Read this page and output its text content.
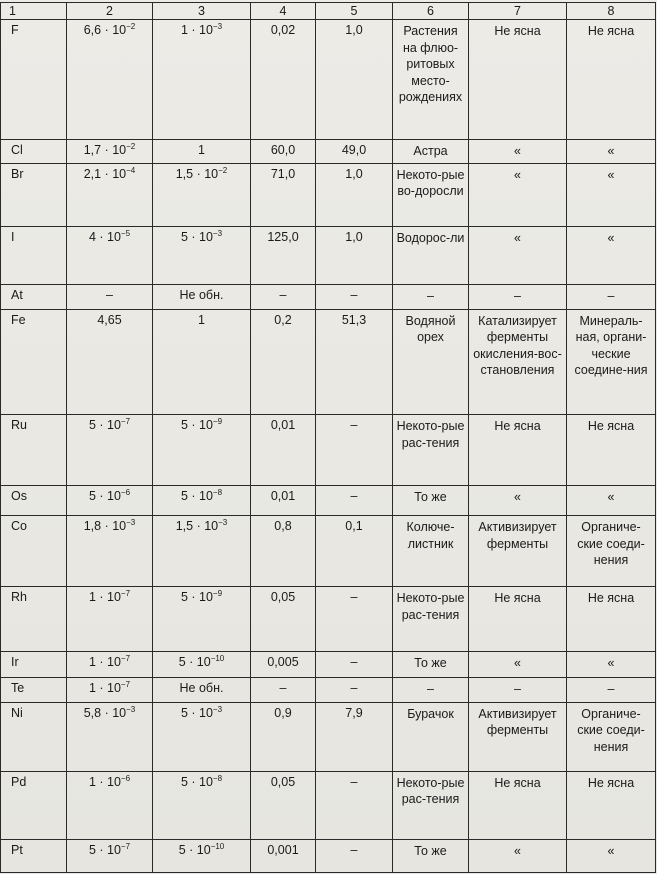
1	2	3	4	5	6	7	8
F	$6,6 \cdot 10^{-2}$	$1 \cdot 10^{-3}$	0,02	1,0	Растения на флюо-ритовых место-рождениях	Не ясна	Не ясна
Cl	$1,7 \cdot 10^{-2}$	1	60,0	49,0	Астра	«	«
Br	$2,1 \cdot 10^{-4}$	$1,5 \cdot 10^{-2}$	71,0	1,0	Некото-рые во-доросли	«	«
I	$4 \cdot 10^{-5}$	$5 \cdot 10^{-3}$	125,0	1,0	Водорос-ли	«	«
At	–	Не обн.	–	–	–	–	–
Fe	4,65	1	0,2	51,3	Водяной орех	Катализирует ферменты окисления-вос-становления	Минераль-ная, органи-ческие соедине-ния
Ru	$5 \cdot 10^{-7}$	$5 \cdot 10^{-9}$	0,01	–	Некото-рые рас-тения	Не ясна	Не ясна
Os	$5 \cdot 10^{-6}$	$5 \cdot 10^{-8}$	0,01	–	То же	«	«
Co	$1,8 \cdot 10^{-3}$	$1,5 \cdot 10^{-3}$	0,8	0,1	Колюче-листник	Активизирует ферменты	Органиче-ские соеди-нения
Rh	$1 \cdot 10^{-7}$	$5 \cdot 10^{-9}$	0,05	–	Некото-рые рас-тения	Не ясна	Не ясна
Ir	$1 \cdot 10^{-7}$	$5 \cdot 10^{-10}$	0,005	–	То же	«	«
Te	$1 \cdot 10^{-7}$	Не обн.	–	–	–	–	–
Ni	$5,8 \cdot 10^{-3}$	$5 \cdot 10^{-3}$	0,9	7,9	Бурачок	Активизирует ферменты	Органиче-ские соеди-нения
Pd	$1 \cdot 10^{-6}$	$5 \cdot 10^{-8}$	0,05	–	Некото-рые рас-тения	Не ясна	Не ясна
Pt	$5 \cdot 10^{-7}$	$5 \cdot 10^{-10}$	0,001	–	То же	«	«
